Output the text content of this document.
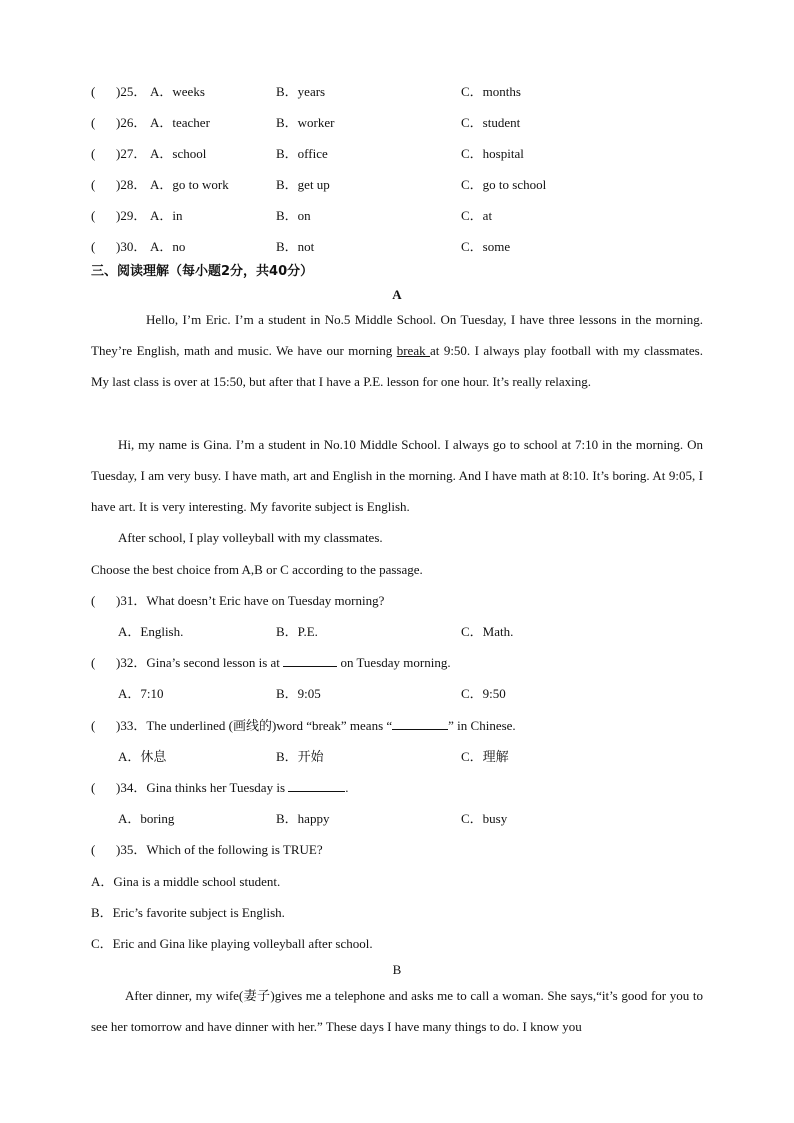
( )25． A．weeks	B．years	C．months
( )26． A．teacher	B．worker	C．student
( )27． A．school	B．office	C．hospital
( )28． A．go to work	B．get up	C．go to school
( )29． A．in	B．on	C．at
( )30． A．no	B．not	C．some
三、阅读理解（每小题2分，共40分）
A
Hello, I’m Eric. I’m a student in No.5 Middle School. On Tuesday, I have three lessons in the morning. They’re English, math and music. We have our morning break at 9:50. I always play football with my classmates. My last class is over at 15:50, but after that I have a P.E. lesson for one hour. It’s really relaxing.
Hi, my name is Gina. I’m a student in No.10 Middle School. I always go to school at 7:10 in the morning. On Tuesday, I am very busy. I have math, art and English in the morning. And I have math at 8:10. It’s boring. At 9:05, I have art. It is very interesting. My favorite subject is English.
After school, I play volleyball with my classmates.
Choose the best choice from A,B or C according to the passage.
( )31．What doesn’t Eric have on Tuesday morning?
A．English.	B．P.E.	C．Math.
( )32．Gina’s second lesson is at	on Tuesday morning.
A．7:10	B．9:05	C．9:50
( )33．The underlined (画线的)word “break” means “	” in Chinese.
A．休息	B．开始	C．理解
( )34．Gina thinks her Tuesday is	.
A．boring	B．happy	C．busy
( )35．Which of the following is TRUE?
A．Gina is a middle school student.
B．Eric’s favorite subject is English.
C．Eric and Gina like playing volleyball after school.
B
After dinner, my wife(妻子)gives me a telephone and asks me to call a woman. She says,“it’s good for you to see her tomorrow and have dinner with her.” These days I have many things to do. I know you
